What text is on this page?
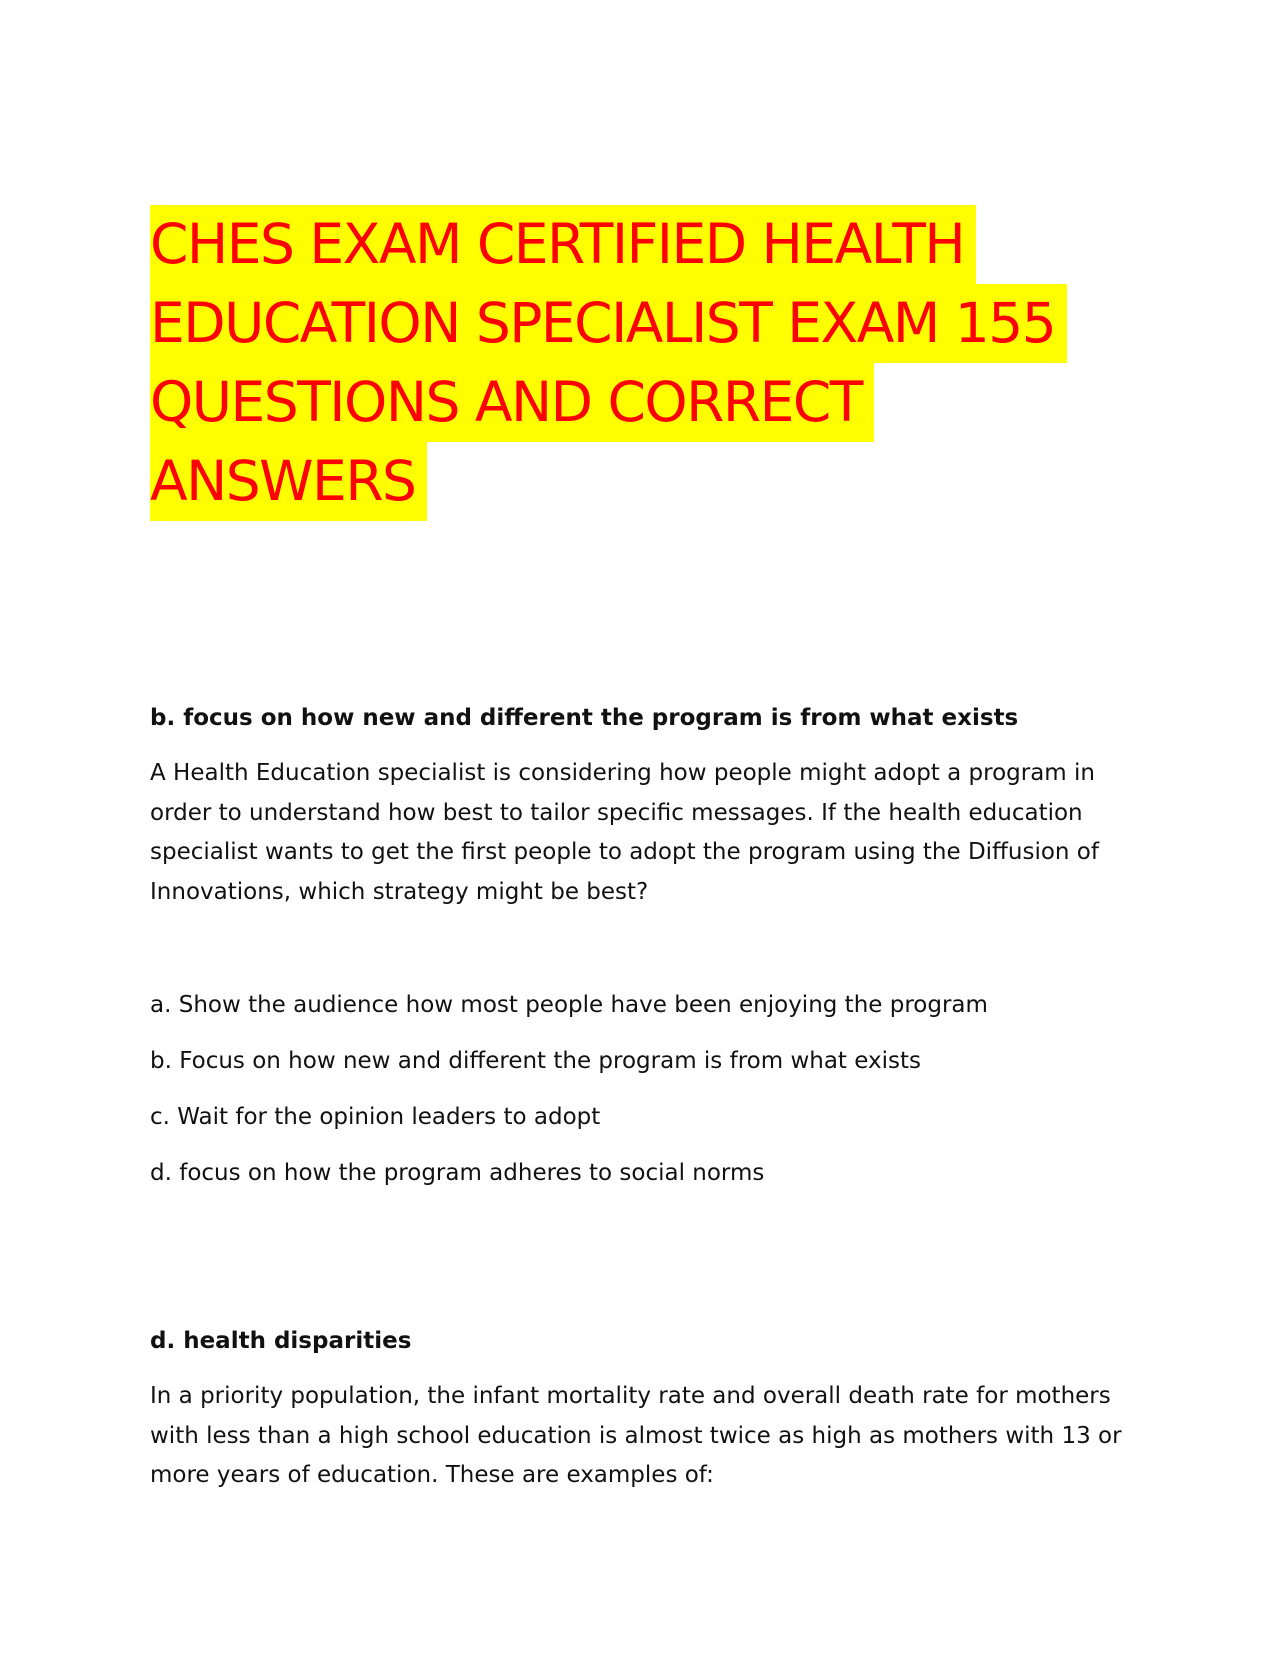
CHES EXAM CERTIFIED HEALTH
EDUCATION SPECIALIST EXAM 155
QUESTIONS AND CORRECT
ANSWERS

b. focus on how new and different the program is from what exists

A Health Education specialist is considering how people might adopt a program in order to understand how best to tailor specific messages. If the health education specialist wants to get the first people to adopt the program using the Diffusion of Innovations, which strategy might be best?

a. Show the audience how most people have been enjoying the program

b. Focus on how new and different the program is from what exists

c. Wait for the opinion leaders to adopt

d. focus on how the program adheres to social norms

d. health disparities

In a priority population, the infant mortality rate and overall death rate for mothers with less than a high school education is almost twice as high as mothers with 13 or more years of education. These are examples of:
